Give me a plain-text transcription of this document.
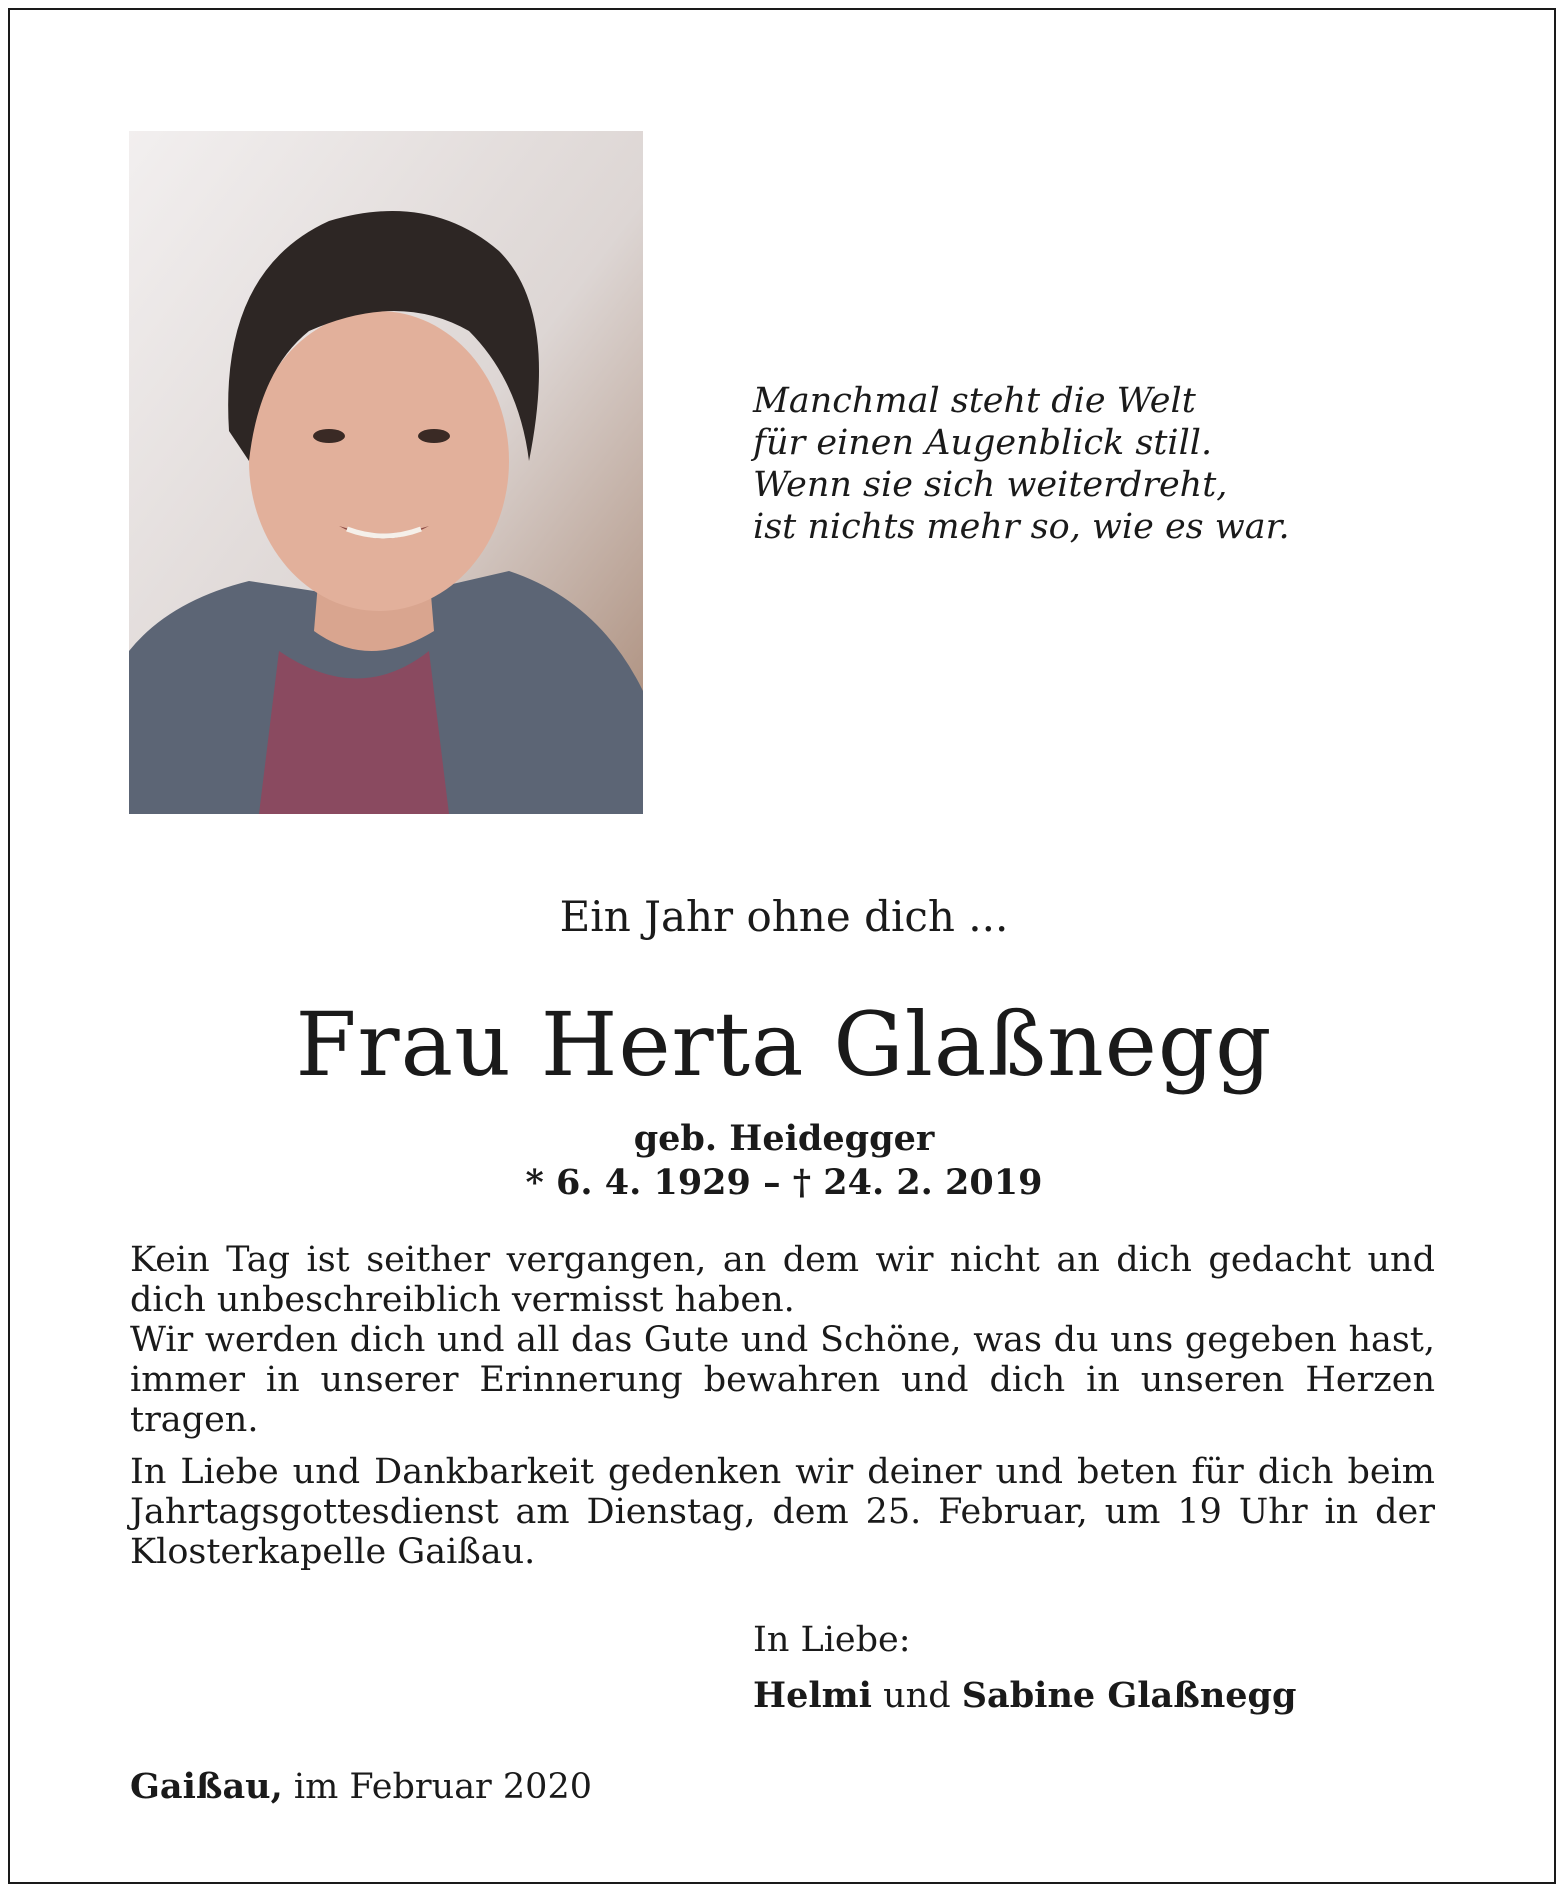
Manchmal steht die Welt
für einen Augenblick still.
Wenn sie sich weiterdreht,
ist nichts mehr so, wie es war.
Ein Jahr ohne dich ...
Frau Herta Glaßnegg
geb. Heidegger
* 6. 4. 1929 – † 24. 2. 2019
Kein Tag ist seither vergangen, an dem wir nicht an dich gedacht und dich unbeschreiblich vermisst haben.
Wir werden dich und all das Gute und Schöne, was du uns gegeben hast, immer in unserer Erinnerung bewahren und dich in unseren Herzen tragen.
In Liebe und Dankbarkeit gedenken wir deiner und beten für dich beim Jahrtagsgottesdienst am Dienstag, dem 25. Februar, um 19 Uhr in der Klosterkapelle Gaißau.
In Liebe:
Helmi und Sabine Glaßnegg
Gaißau, im Februar 2020
